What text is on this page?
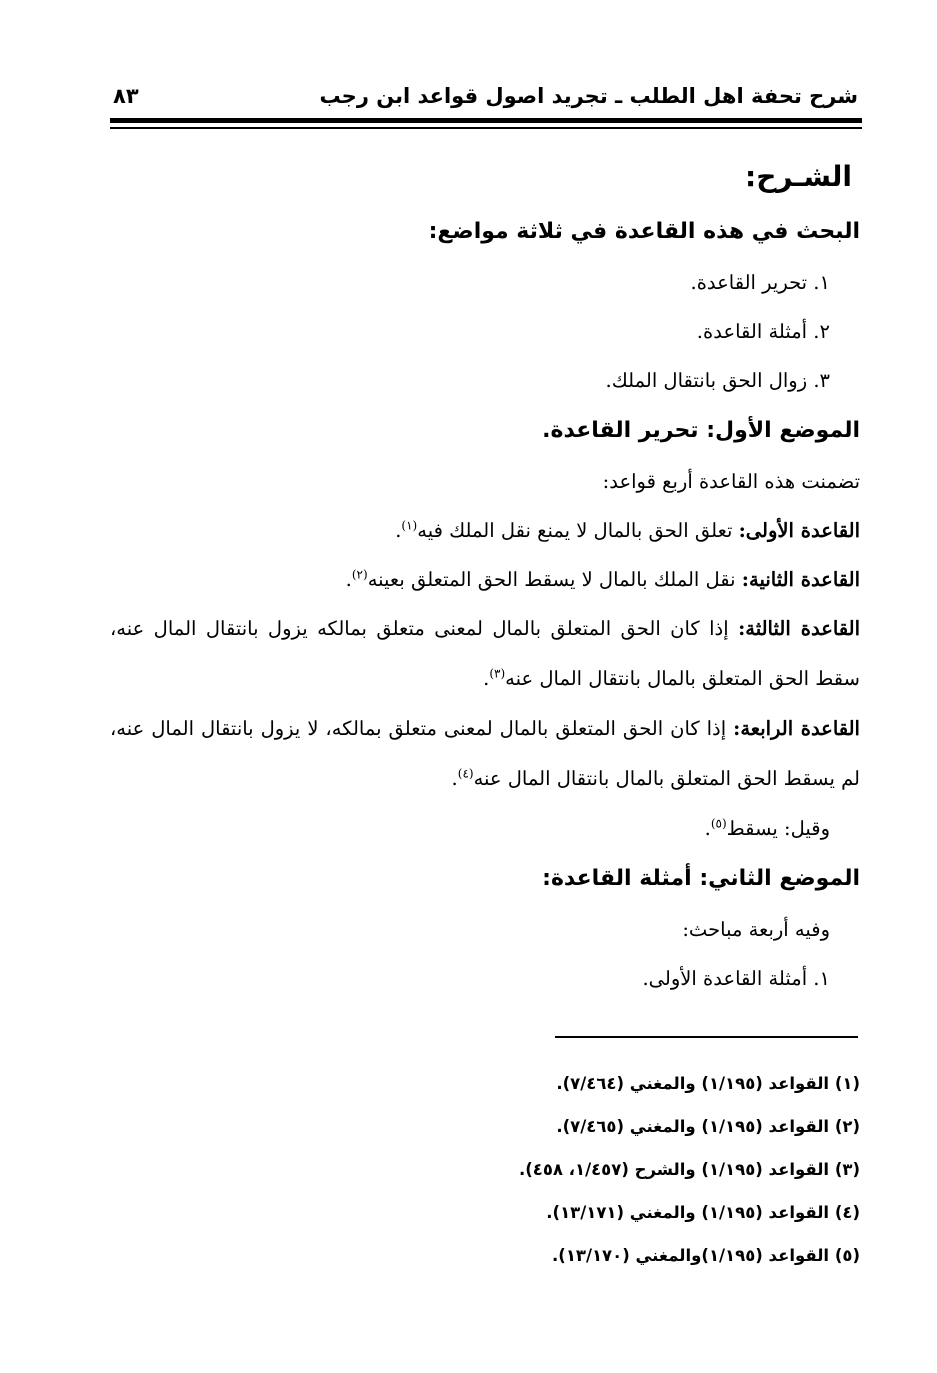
شرح تحفة اهل الطلب ـ تجريد اصول قواعد ابن رجب
٨٣

الشـرح:

البحث في هذه القاعدة في ثلاثة مواضع:

١. تحرير القاعدة.

٢. أمثلة القاعدة.

٣. زوال الحق بانتقال الملك.

الموضع الأول: تحرير القاعدة.

تضمنت هذه القاعدة أربع قواعد:

القاعدة الأولى: تعلق الحق بالمال لا يمنع نقل الملك فيه$^{(١)}$.

القاعدة الثانية: نقل الملك بالمال لا يسقط الحق المتعلق بعينه$^{(٢)}$.

القاعدة الثالثة: إذا كان الحق المتعلق بالمال لمعنى متعلق بمالكه يزول بانتقال المال عنه، سقط الحق المتعلق بالمال بانتقال المال عنه$^{(٣)}$.

القاعدة الرابعة: إذا كان الحق المتعلق بالمال لمعنى متعلق بمالكه، لا يزول بانتقال المال عنه، لم يسقط الحق المتعلق بالمال بانتقال المال عنه$^{(٤)}$.

وقيل: يسقط$^{(٥)}$.

الموضع الثاني: أمثلة القاعدة:

وفيه أربعة مباحث:

١. أمثلة القاعدة الأولى.

(١) القواعد (١/١٩٥) والمغني (٧/٤٦٤).

(٢) القواعد (١/١٩٥) والمغني (٧/٤٦٥).

(٣) القواعد (١/١٩٥) والشرح (١/٤٥٧، ٤٥٨).

(٤) القواعد (١/١٩٥) والمغني (١٣/١٧١).

(٥) القواعد (١/١٩٥)والمغني (١٣/١٧٠).
